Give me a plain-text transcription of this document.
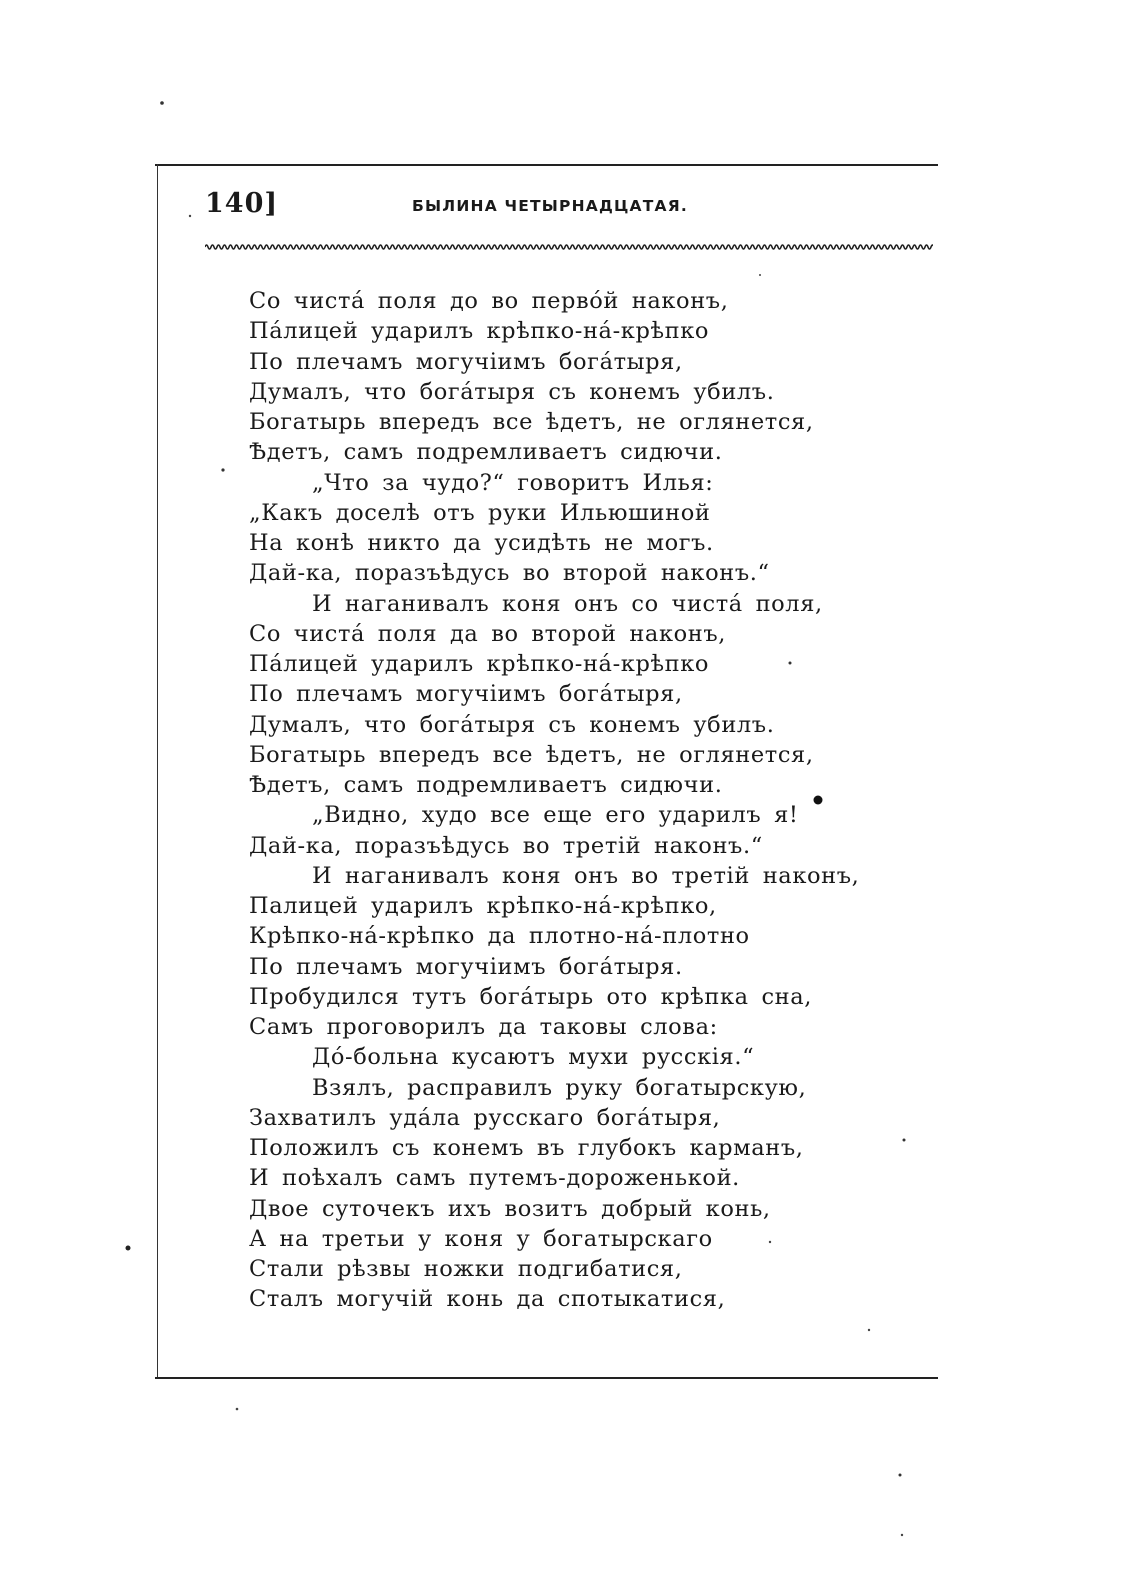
140]	БЫЛИНА ЧЕТЫРНАДЦАТАЯ.
Со чистá поля до во первóй наконъ,
Пáлицей ударилъ крѣпко-нá-крѣпко
По плечамъ могучіимъ богáтыря,
Думалъ, что богáтыря съ конемъ убилъ.
Богатырь впередъ все ѣдетъ, не оглянется,
Ѣдетъ, самъ подремливаетъ сидючи.
„Что за чудо?“ говоритъ Илья:
„Какъ доселѣ отъ руки Ильюшиной
На конѣ никто да усидѣть не могъ.
Дай-ка, поразъѣдусь во второй наконъ.“
И наганивалъ коня онъ со чистá поля,
Со чистá поля да во второй наконъ,
Пáлицей ударилъ крѣпко-нá-крѣпко
По плечамъ могучіимъ богáтыря,
Думалъ, что богáтыря съ конемъ убилъ.
Богатырь впередъ все ѣдетъ, не оглянется,
Ѣдетъ, самъ подремливаетъ сидючи.
„Видно, худо все еще его ударилъ я!
Дай-ка, поразъѣдусь во третій наконъ.“
И наганивалъ коня онъ во третій наконъ,
Палицей ударилъ крѣпко-нá-крѣпко,
Крѣпко-нá-крѣпко да плотно-нá-плотно
По плечамъ могучіимъ богáтыря.
Пробудился тутъ богáтырь ото крѣпка сна,
Самъ проговорилъ да таковы слова:
Дó-больна кусаютъ мухи русскія.“
Взялъ, расправилъ руку богатырскую,
Захватилъ удáла русскаго богáтыря,
Положилъ съ конемъ въ глубокъ карманъ,
И поѣхалъ самъ путемъ-дороженькой.
Двое суточекъ ихъ возитъ добрый конь,
А на третьи у коня у богатырскаго
Стали рѣзвы ножки подгибатися,
Сталъ могучій конь да спотыкатися,
